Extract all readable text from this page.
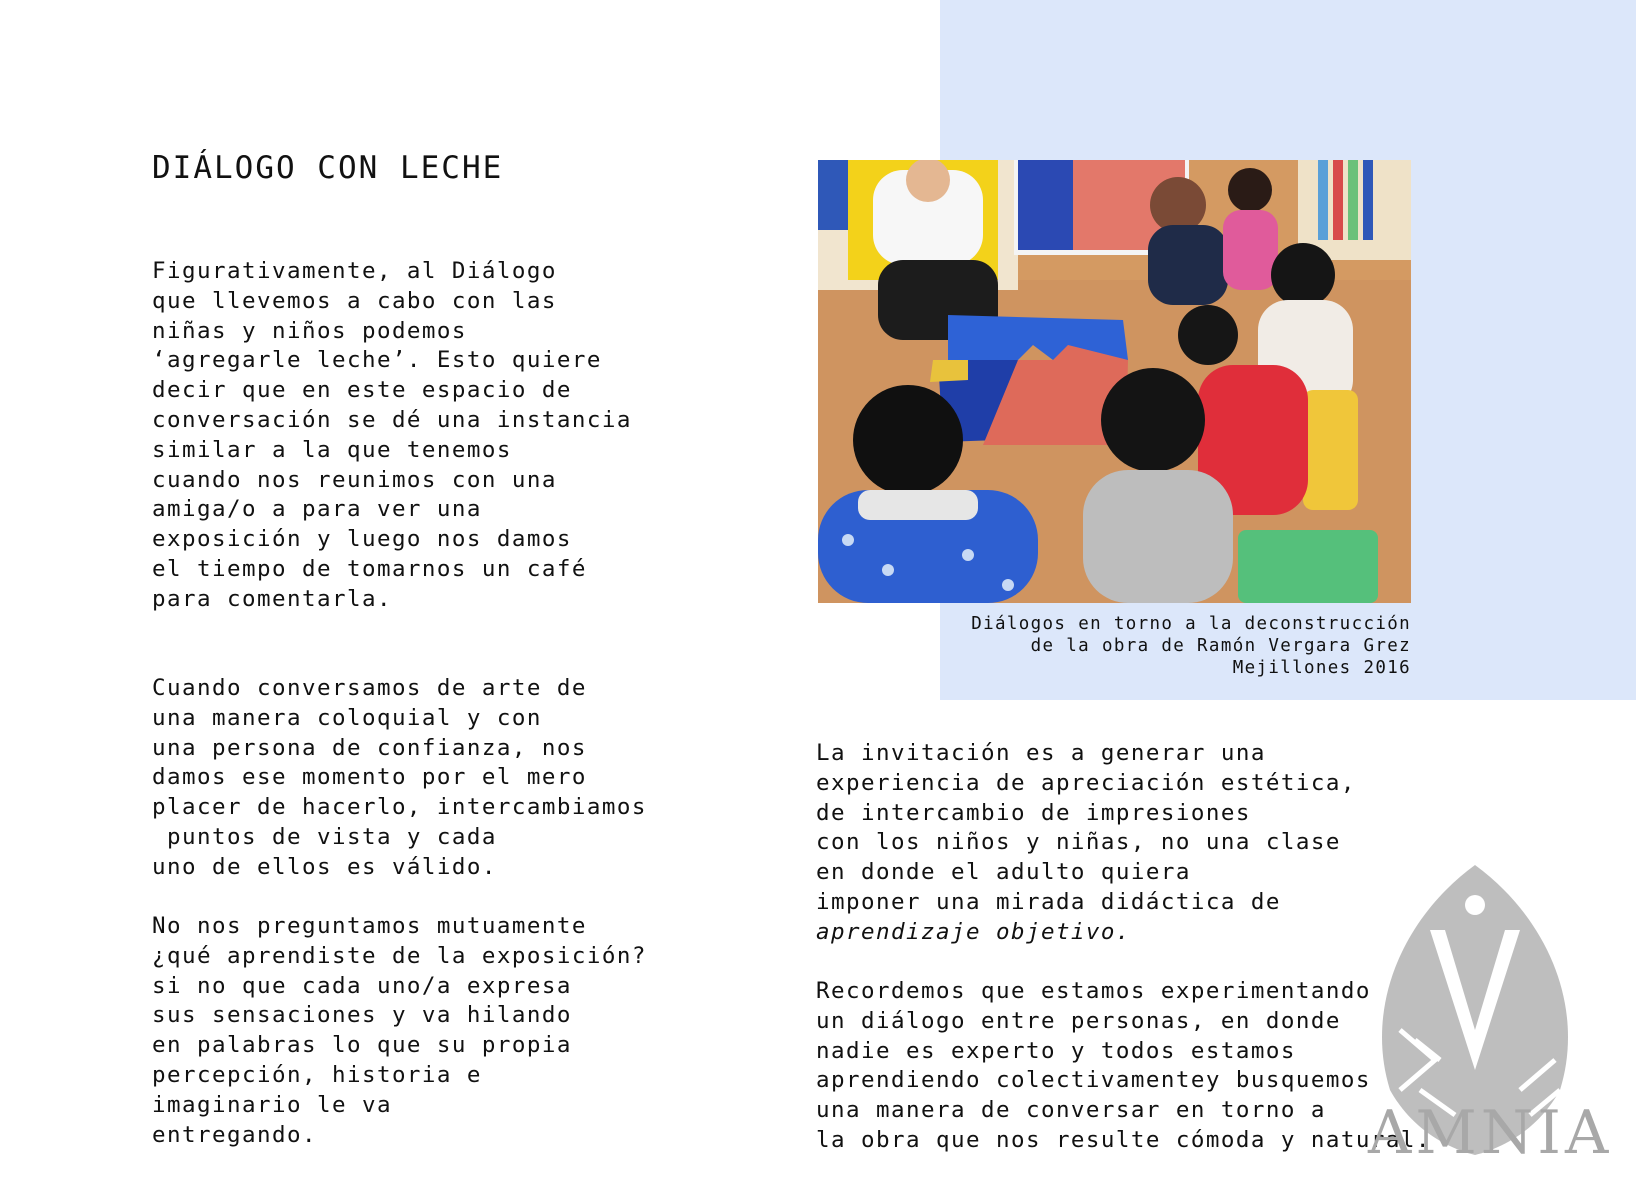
DIÁLOGO CON LECHE

Figurativamente, al Diálogo
que llevemos a cabo con las
niñas y niños podemos
‘agregarle leche’. Esto quiere
decir que en este espacio de
conversación se dé una instancia
similar a la que tenemos
cuando nos reunimos con una
amiga/o a para ver una
exposición y luego nos damos
el tiempo de tomarnos un café
para comentarla.

Cuando conversamos de arte de
una manera coloquial y con
una persona de confianza, nos
damos ese momento por el mero
placer de hacerlo, intercambiamos
puntos de vista y cada
uno de ellos es válido.

No nos preguntamos mutuamente
¿qué aprendiste de la exposición?
si no que cada uno/a expresa
sus sensaciones y va hilando
en palabras lo que su propia
percepción, historia e
imaginario le va
entregando.

Diálogos en torno a la deconstrucción
de la obra de Ramón Vergara Grez
Mejillones 2016

La invitación es a generar una
experiencia de apreciación estética,
de intercambio de impresiones
con los niños y niñas, no una clase
en donde el adulto quiera
imponer una mirada didáctica de
aprendizaje objetivo.

Recordemos que estamos experimentando
un diálogo entre personas, en donde
nadie es experto y todos estamos
aprendiendo colectivamentey busquemos
una manera de conversar en torno a
la obra que nos resulte cómoda y natural.

AMNIA
